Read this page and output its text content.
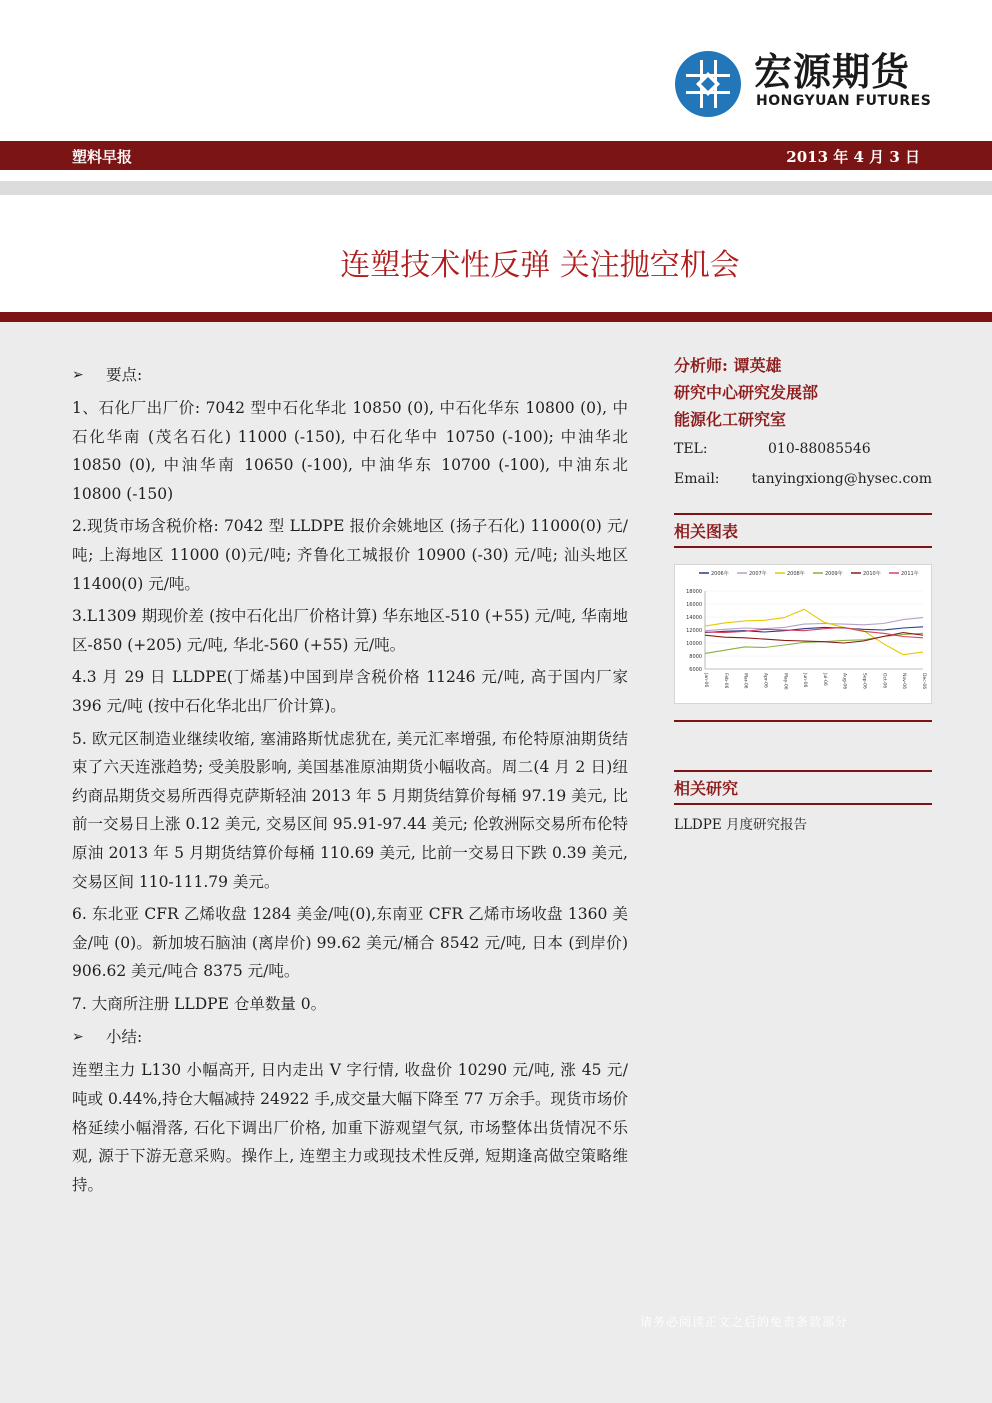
宏源期货
HONGYUAN FUTURES
塑料早报	2013 年 4 月 3 日
连塑技术性反弹 关注抛空机会
➢	要点:

1、石化厂出厂价: 7042 型中石化华北 10850 (0), 中石化华东 10800 (0), 中石化华南 (茂名石化) 11000 (-150), 中石化华中 10750 (-100); 中油华北 10850 (0), 中油华南 10650 (-100), 中油华东 10700 (-100), 中油东北 10800 (-150)

2.现货市场含税价格: 7042 型 LLDPE 报价余姚地区 (扬子石化) 11000(0) 元/吨; 上海地区 11000 (0)元/吨; 齐鲁化工城报价 10900 (-30) 元/吨; 汕头地区 11400(0) 元/吨。

3.L1309 期现价差 (按中石化出厂价格计算) 华东地区-510 (+55) 元/吨, 华南地区-850 (+205) 元/吨, 华北-560 (+55) 元/吨。

4.3 月 29 日 LLDPE(丁烯基)中国到岸含税价格 11246 元/吨, 高于国内厂家 396 元/吨 (按中石化华北出厂价计算)。

5. 欧元区制造业继续收缩, 塞浦路斯忧虑犹在, 美元汇率增强, 布伦特原油期货结束了六天连涨趋势; 受美股影响, 美国基准原油期货小幅收高。周二(4 月 2 日)纽约商品期货交易所西得克萨斯轻油 2013 年 5 月期货结算价每桶 97.19 美元, 比前一交易日上涨 0.12 美元, 交易区间 95.91-97.44 美元; 伦敦洲际交易所布伦特原油 2013 年 5 月期货结算价每桶 110.69 美元, 比前一交易日下跌 0.39 美元, 交易区间 110-111.79 美元。

6. 东北亚 CFR 乙烯收盘 1284 美金/吨(0),东南亚 CFR 乙烯市场收盘 1360 美金/吨 (0)。新加坡石脑油 (离岸价) 99.62 美元/桶合 8542 元/吨, 日本 (到岸价) 906.62 美元/吨合 8375 元/吨。

7. 大商所注册 LLDPE 仓单数量 0。

➢	小结:

连塑主力 L130 小幅高开, 日内走出 V 字行情, 收盘价 10290 元/吨, 涨 45 元/吨或 0.44%,持仓大幅减持 24922 手,成交量大幅下降至 77 万余手。现货市场价格延续小幅滑落, 石化下调出厂价格, 加重下游观望气氛, 市场整体出货情况不乐观, 源于下游无意采购。操作上, 连塑主力或现技术性反弹, 短期逢高做空策略维持。

分析师: 谭英雄
研究中心研究发展部
能源化工研究室
TEL:	010-88085546
Email:	tanyingxiong@hysec.com
相关图表
2006年	2007年	2008年	2009年	2010年	2011年
18000
16000
14000
12000
10000
8000
6000
Jan-06	Feb-06	Mar-06	Apr-06	May-06	Jun-06	Jul-06	Aug-06	Sep-06	Oct-06	Nov-06	Dec-06
相关研究
LLDPE 月度研究报告
请务必阅读正文之后的免责条款部分
